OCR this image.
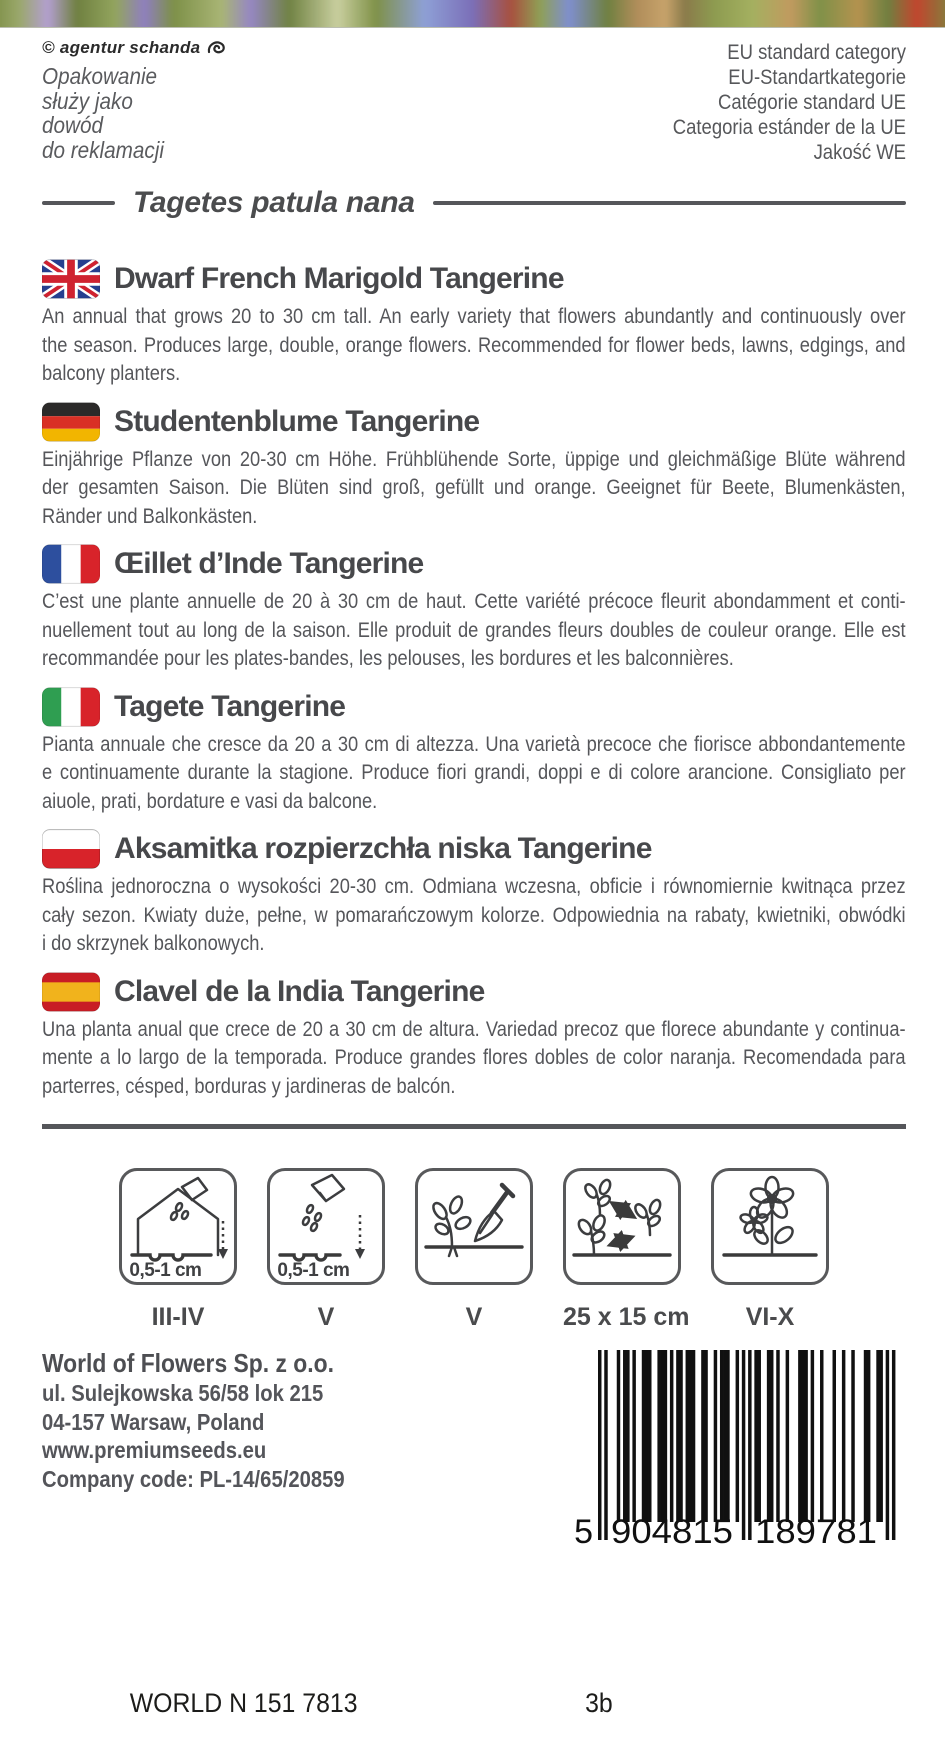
© agentur schanda
Opakowanie
służy jako
dowód
do reklamacji
EU standard category
EU-Standartkategorie
Catégorie standard UE
Categoria estánder de la UE
Jakość WE
Tagetes patula nana
Dwarf French Marigold Tangerine
An annual that grows 20 to 30 cm tall. An early variety that flowers abundantly and continuously over
the season. Produces large, double, orange flowers. Recommended for flower beds, lawns, edgings, and
balcony planters.
Studentenblume Tangerine
Einjährige Pflanze von 20-30 cm Höhe. Frühblühende Sorte, üppige und gleichmäßige Blüte während
der gesamten Saison. Die Blüten sind groß, gefüllt und orange. Geeignet für Beete, Blumenkästen,
Ränder und Balkonkästen.
Œillet d’Inde Tangerine
C’est une plante annuelle de 20 à 30 cm de haut. Cette variété précoce fleurit abondamment et conti-
nuellement tout au long de la saison. Elle produit de grandes fleurs doubles de couleur orange. Elle est
recommandée pour les plates-bandes, les pelouses, les bordures et les balconnières.
Tagete Tangerine
Pianta annuale che cresce da 20 a 30 cm di altezza. Una varietà precoce che fiorisce abbondantemente
e continuamente durante la stagione. Produce fiori grandi, doppi e di colore arancione. Consigliato per
aiuole, prati, bordature e vasi da balcone.
Aksamitka rozpierzchła niska Tangerine
Roślina jednoroczna o wysokości 20-30 cm. Odmiana wczesna, obficie i równomiernie kwitnąca przez
cały sezon. Kwiaty duże, pełne, w pomarańczowym kolorze. Odpowiednia na rabaty, kwietniki, obwódki
i do skrzynek balkonowych.
Clavel de la India Tangerine
Una planta anual que crece de 20 a 30 cm de altura. Variedad precoz que florece abundante y continua-
mente a lo largo de la temporada. Produce grandes flores dobles de color naranja. Recomendada para
parterres, césped, borduras y jardineras de balcón.
0,5-1 cm	0,5-1 cm
III-IV	V	V	25 x 15 cm	VI-X
World of Flowers Sp. z o.o.
ul. Sulejkowska 56/58 lok 215
04-157 Warsaw, Poland
www.premiumseeds.eu
Company code: PL-14/65/20859
5 904815 189781
WORLD N 151 7813	3b
